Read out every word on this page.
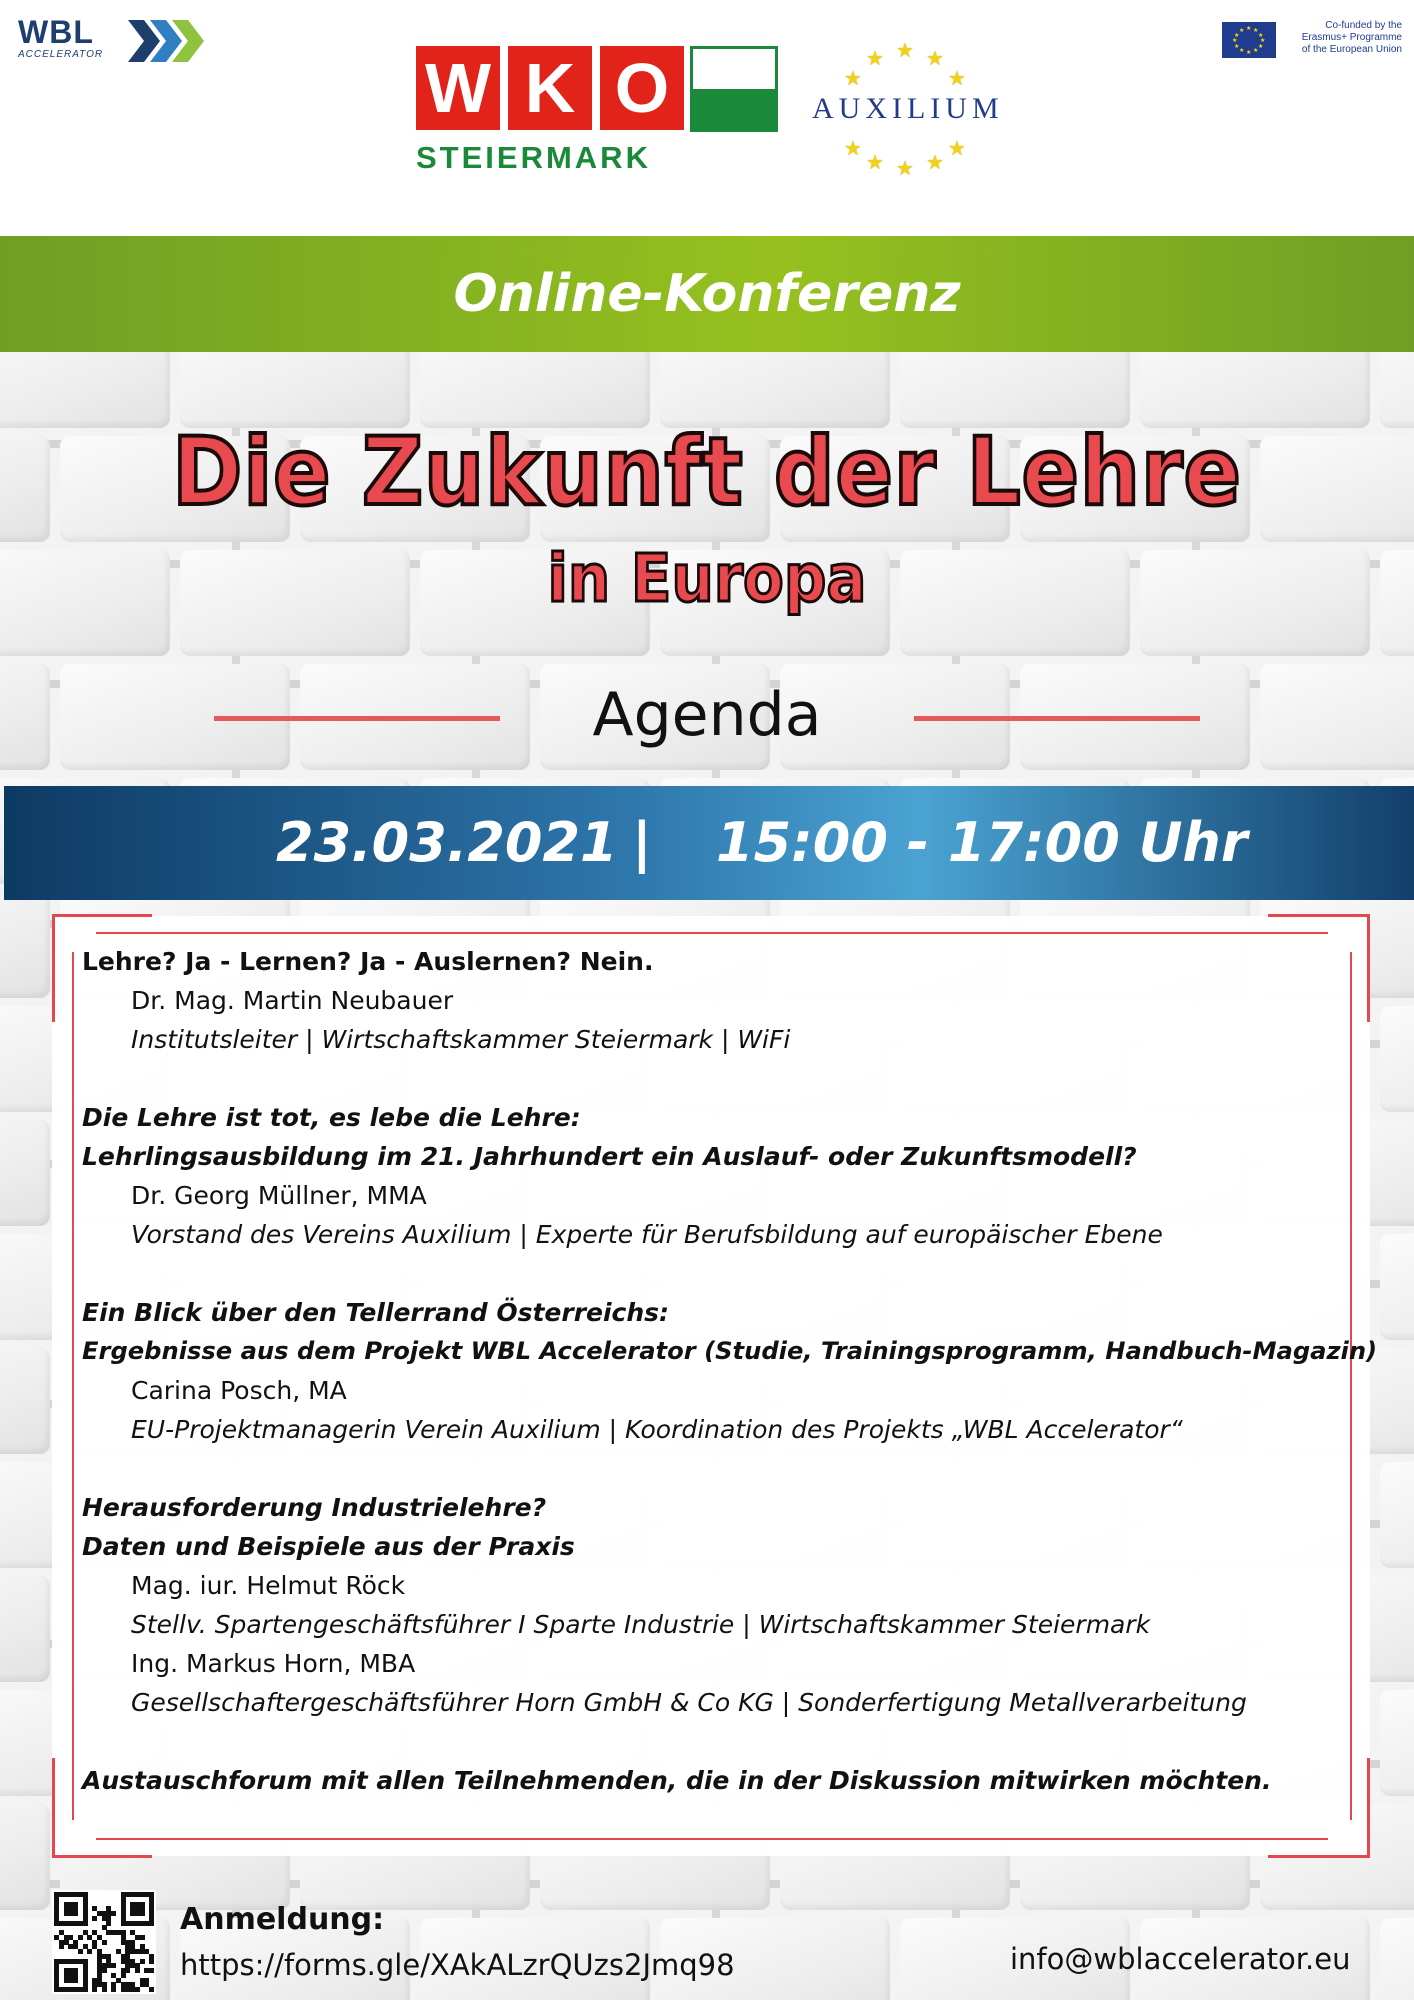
WBL
ACCELERATOR	W K O
STEIERMARK
★ ★
★
★	★
★	★
★ ★
★
AUXILIUM
★ ★
★
★
★
★
★
★
★
★
★
★	Co-funded by the
Erasmus+ Programme
of the European Union
Online-Konferenz
Die Zukunft der Lehre
in Europa
Agenda
23.03.2021 | 15:00 - 17:00 Uhr
Lehre? Ja - Lernen? Ja - Auslernen? Nein.
Dr. Mag. Martin Neubauer
Institutsleiter | Wirtschaftskammer Steiermark | WiFi
Die Lehre ist tot, es lebe die Lehre:
Lehrlingsausbildung im 21. Jahrhundert ein Auslauf- oder Zukunftsmodell?
Dr. Georg Müllner, MMA
Vorstand des Vereins Auxilium | Experte für Berufsbildung auf europäischer Ebene
Ein Blick über den Tellerrand Österreichs:
Ergebnisse aus dem Projekt WBL Accelerator (Studie, Trainingsprogramm, Handbuch-Magazin)
Carina Posch, MA
EU-Projektmanagerin Verein Auxilium | Koordination des Projekts „WBL Accelerator“
Herausforderung Industrielehre?
Daten und Beispiele aus der Praxis
Mag. iur. Helmut Röck
Stellv. Spartengeschäftsführer I Sparte Industrie | Wirtschaftskammer Steiermark
Ing. Markus Horn, MBA
Gesellschaftergeschäftsführer Horn GmbH & Co KG | Sonderfertigung Metallverarbeitung
Austauschforum mit allen Teilnehmenden, die in der Diskussion mitwirken möchten.
Anmeldung:
https://forms.gle/XAkALzrQUzs2Jmq98	info@wblaccelerator.eu
